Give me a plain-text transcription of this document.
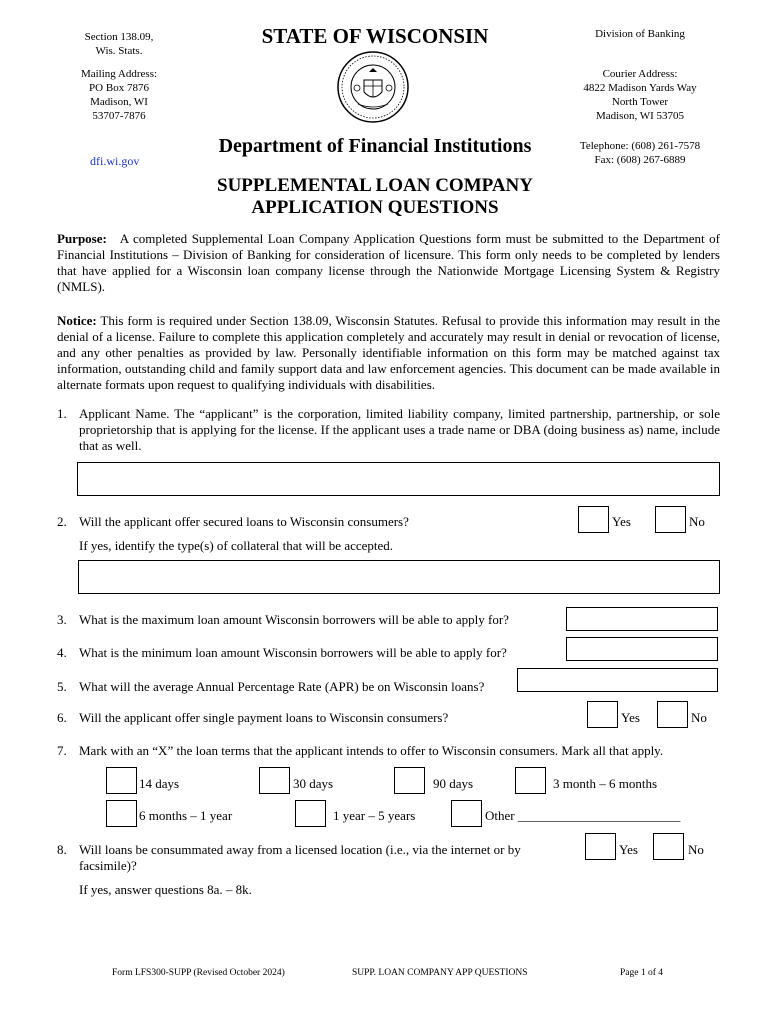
Section 138.09,
Wis. Stats.
Mailing Address:
PO Box 7876
Madison, WI
53707-7876
dfi.wi.gov
STATE OF WISCONSIN
Department of Financial Institutions
Division of Banking
Courier Address:
4822 Madison Yards Way
North Tower
Madison, WI 53705
Telephone: (608) 261-7578
Fax: (608) 267-6889
SUPPLEMENTAL LOAN COMPANY
APPLICATION QUESTIONS
Purpose: A completed Supplemental Loan Company Application Questions form must be submitted to the Department of Financial Institutions – Division of Banking for consideration of licensure. This form only needs to be completed by lenders that have applied for a Wisconsin loan company license through the Nationwide Mortgage Licensing System & Registry (NMLS).
Notice: This form is required under Section 138.09, Wisconsin Statutes. Refusal to provide this information may result in the denial of a license. Failure to complete this application completely and accurately may result in denial or revocation of license, and any other penalties as provided by law. Personally identifiable information on this form may be matched against tax information, outstanding child and family support data and law enforcement agencies. This document can be made available in alternate formats upon request to qualifying individuals with disabilities.
1. Applicant Name. The “applicant” is the corporation, limited liability company, limited partnership, partnership, or sole proprietorship that is applying for the license. If the applicant uses a trade name or DBA (doing business as) name, include that as well.
2. Will the applicant offer secured loans to Wisconsin consumers?
If yes, identify the type(s) of collateral that will be accepted.
Yes	No
3. What is the maximum loan amount Wisconsin borrowers will be able to apply for?
4. What is the minimum loan amount Wisconsin borrowers will be able to apply for?
5. What will the average Annual Percentage Rate (APR) be on Wisconsin loans?
6. Will the applicant offer single payment loans to Wisconsin consumers?	Yes	No
7. Mark with an “X” the loan terms that the applicant intends to offer to Wisconsin consumers. Mark all that apply.
14 days	30 days	90 days	3 month – 6 months
6 months – 1 year	1 year – 5 years	Other _________________________
8. Will loans be consummated away from a licensed location (i.e., via the internet or by
facsimile)?
If yes, answer questions 8a. – 8k.
Yes	No
Form LFS300-SUPP (Revised October 2024)	SUPP. LOAN COMPANY APP QUESTIONS	Page 1 of 4
